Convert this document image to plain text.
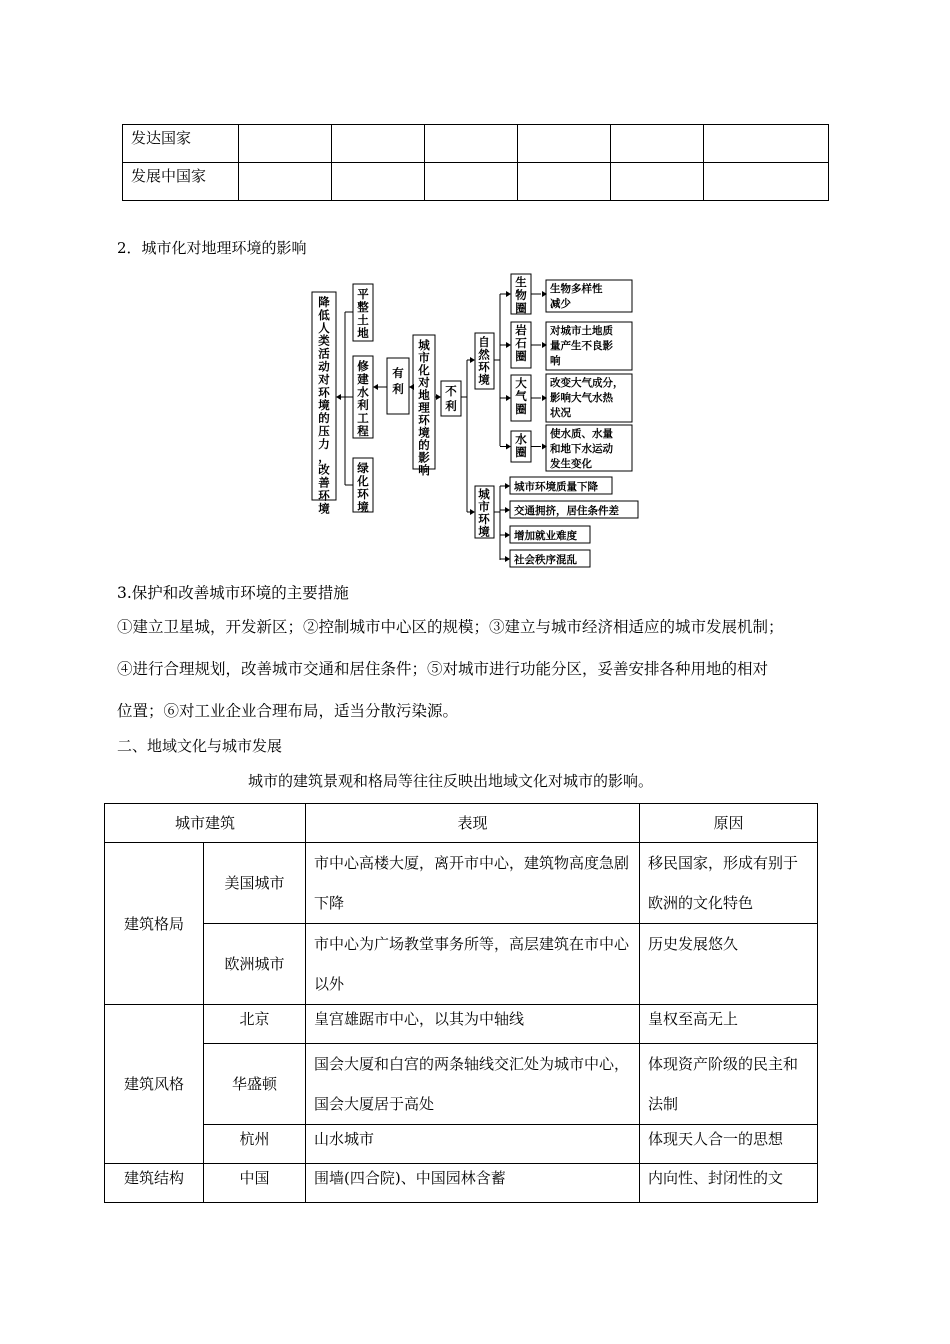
发达国家						
发展中国家						
2．城市化对地理环境的影响
降
低
人
类
活
动
对
环
境
的
压
力
，
改
善
环
境
平
整
土
地
修
建
水
利
工
程
绿
化
环
境
有
利
城
市
化
对
地
理
环
境
的
影
响
不
利
自
然
环
境
城
市
环
境
生
物
圈
生物多样性
减少
岩
石
圈
对城市土地质
量产生不良影
响
大
气
圈
改变大气成分，
影响大气水热
状况
水
圈
使水质、水量
和地下水运动
发生变化
城市环境质量下降
交通拥挤，居住条件差
增加就业难度
社会秩序混乱
3.保护和改善城市环境的主要措施
①建立卫星城，开发新区；②控制城市中心区的规模；③建立与城市经济相适应的城市发展机制；
④进行合理规划，改善城市交通和居住条件；⑤对城市进行功能分区，妥善安排各种用地的相对
位置；⑥对工业企业合理布局，适当分散污染源。
二、地域文化与城市发展
城市的建筑景观和格局等往往反映出地域文化对城市的影响。
城市建筑		表现	原因
建筑格局	美国城市	市中心高楼大厦，离开市中心，建筑物高度急剧下降	移民国家，形成有别于欧洲的文化特色
	欧洲城市	市中心为广场教堂事务所等，高层建筑在市中心以外	历史发展悠久
建筑风格	北京	皇宫雄踞市中心，以其为中轴线	皇权至高无上
	华盛顿	国会大厦和白宫的两条轴线交汇处为城市中心，国会大厦居于高处	体现资产阶级的民主和法制
	杭州	山水城市	体现天人合一的思想
建筑结构	中国	围墙(四合院)、中国园林含蓄	内向性、封闭性的文
